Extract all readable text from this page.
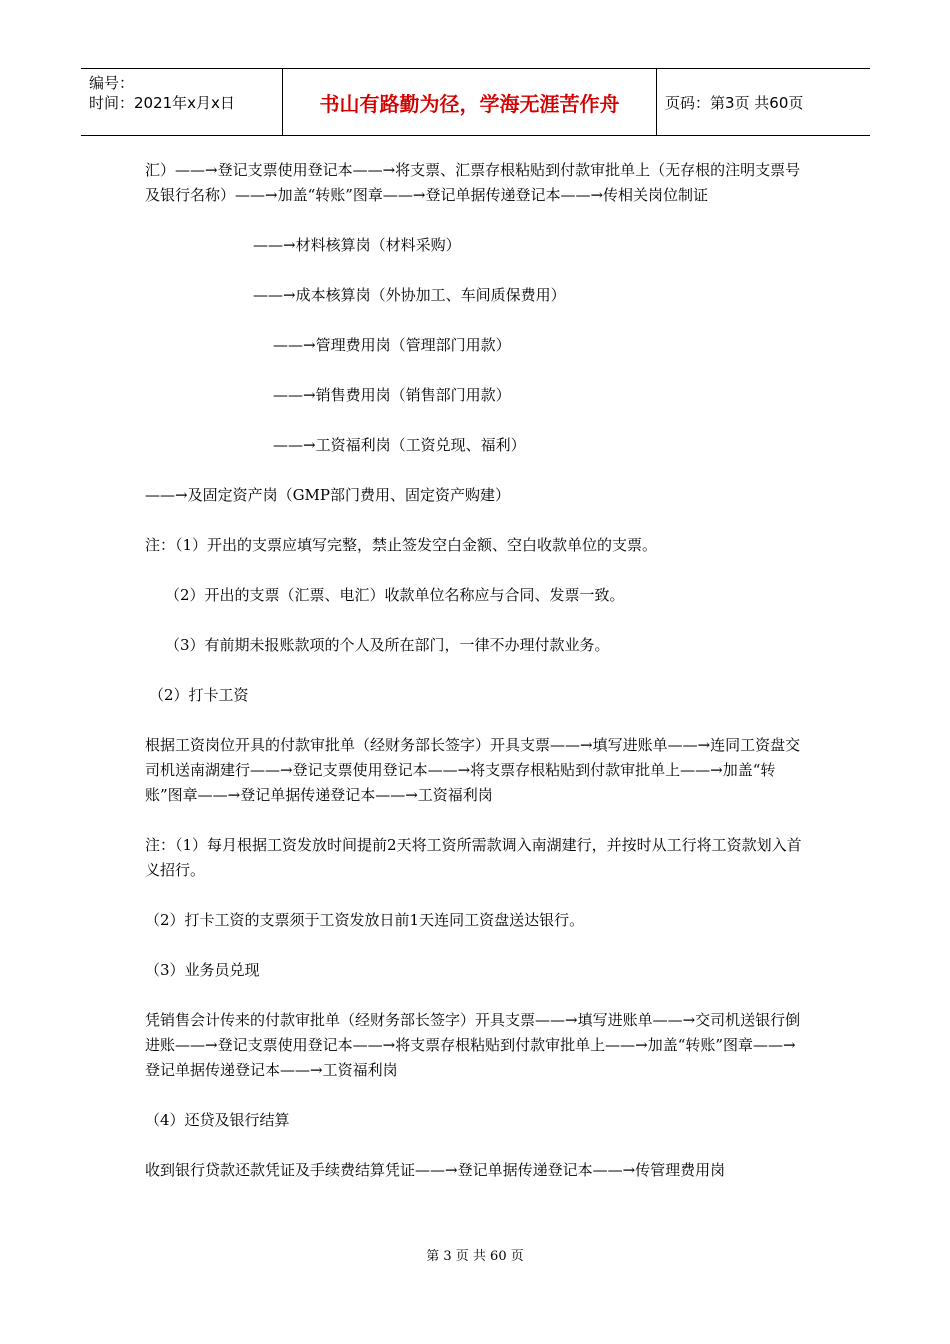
编号：
时间：2021年x月x日	书山有路勤为径，学海无涯苦作舟	页码：第3页 共60页

汇）——→登记支票使用登记本——→将支票、汇票存根粘贴到付款审批单上（无存根的注明支票号及银行名称）——→加盖“转账”图章——→登记单据传递登记本——→传相关岗位制证

——→材料核算岗（材料采购）

——→成本核算岗（外协加工、车间质保费用）

——→管理费用岗（管理部门用款）

——→销售费用岗（销售部门用款）

——→工资福利岗（工资兑现、福利）

——→及固定资产岗（GMP部门费用、固定资产购建）

注：（1）开出的支票应填写完整，禁止签发空白金额、空白收款单位的支票。

（2）开出的支票（汇票、电汇）收款单位名称应与合同、发票一致。

（3）有前期未报账款项的个人及所在部门，一律不办理付款业务。

（2）打卡工资

根据工资岗位开具的付款审批单（经财务部长签字）开具支票——→填写进账单——→连同工资盘交司机送南湖建行——→登记支票使用登记本——→将支票存根粘贴到付款审批单上——→加盖“转账”图章——→登记单据传递登记本——→工资福利岗

注：（1）每月根据工资发放时间提前2天将工资所需款调入南湖建行，并按时从工行将工资款划入首义招行。

（2）打卡工资的支票须于工资发放日前1天连同工资盘送达银行。

（3）业务员兑现

凭销售会计传来的付款审批单（经财务部长签字）开具支票——→填写进账单——→交司机送银行倒进账——→登记支票使用登记本——→将支票存根粘贴到付款审批单上——→加盖“转账”图章——→登记单据传递登记本——→工资福利岗

（4）还贷及银行结算

收到银行贷款还款凭证及手续费结算凭证——→登记单据传递登记本——→传管理费用岗

第 3 页 共 60 页
